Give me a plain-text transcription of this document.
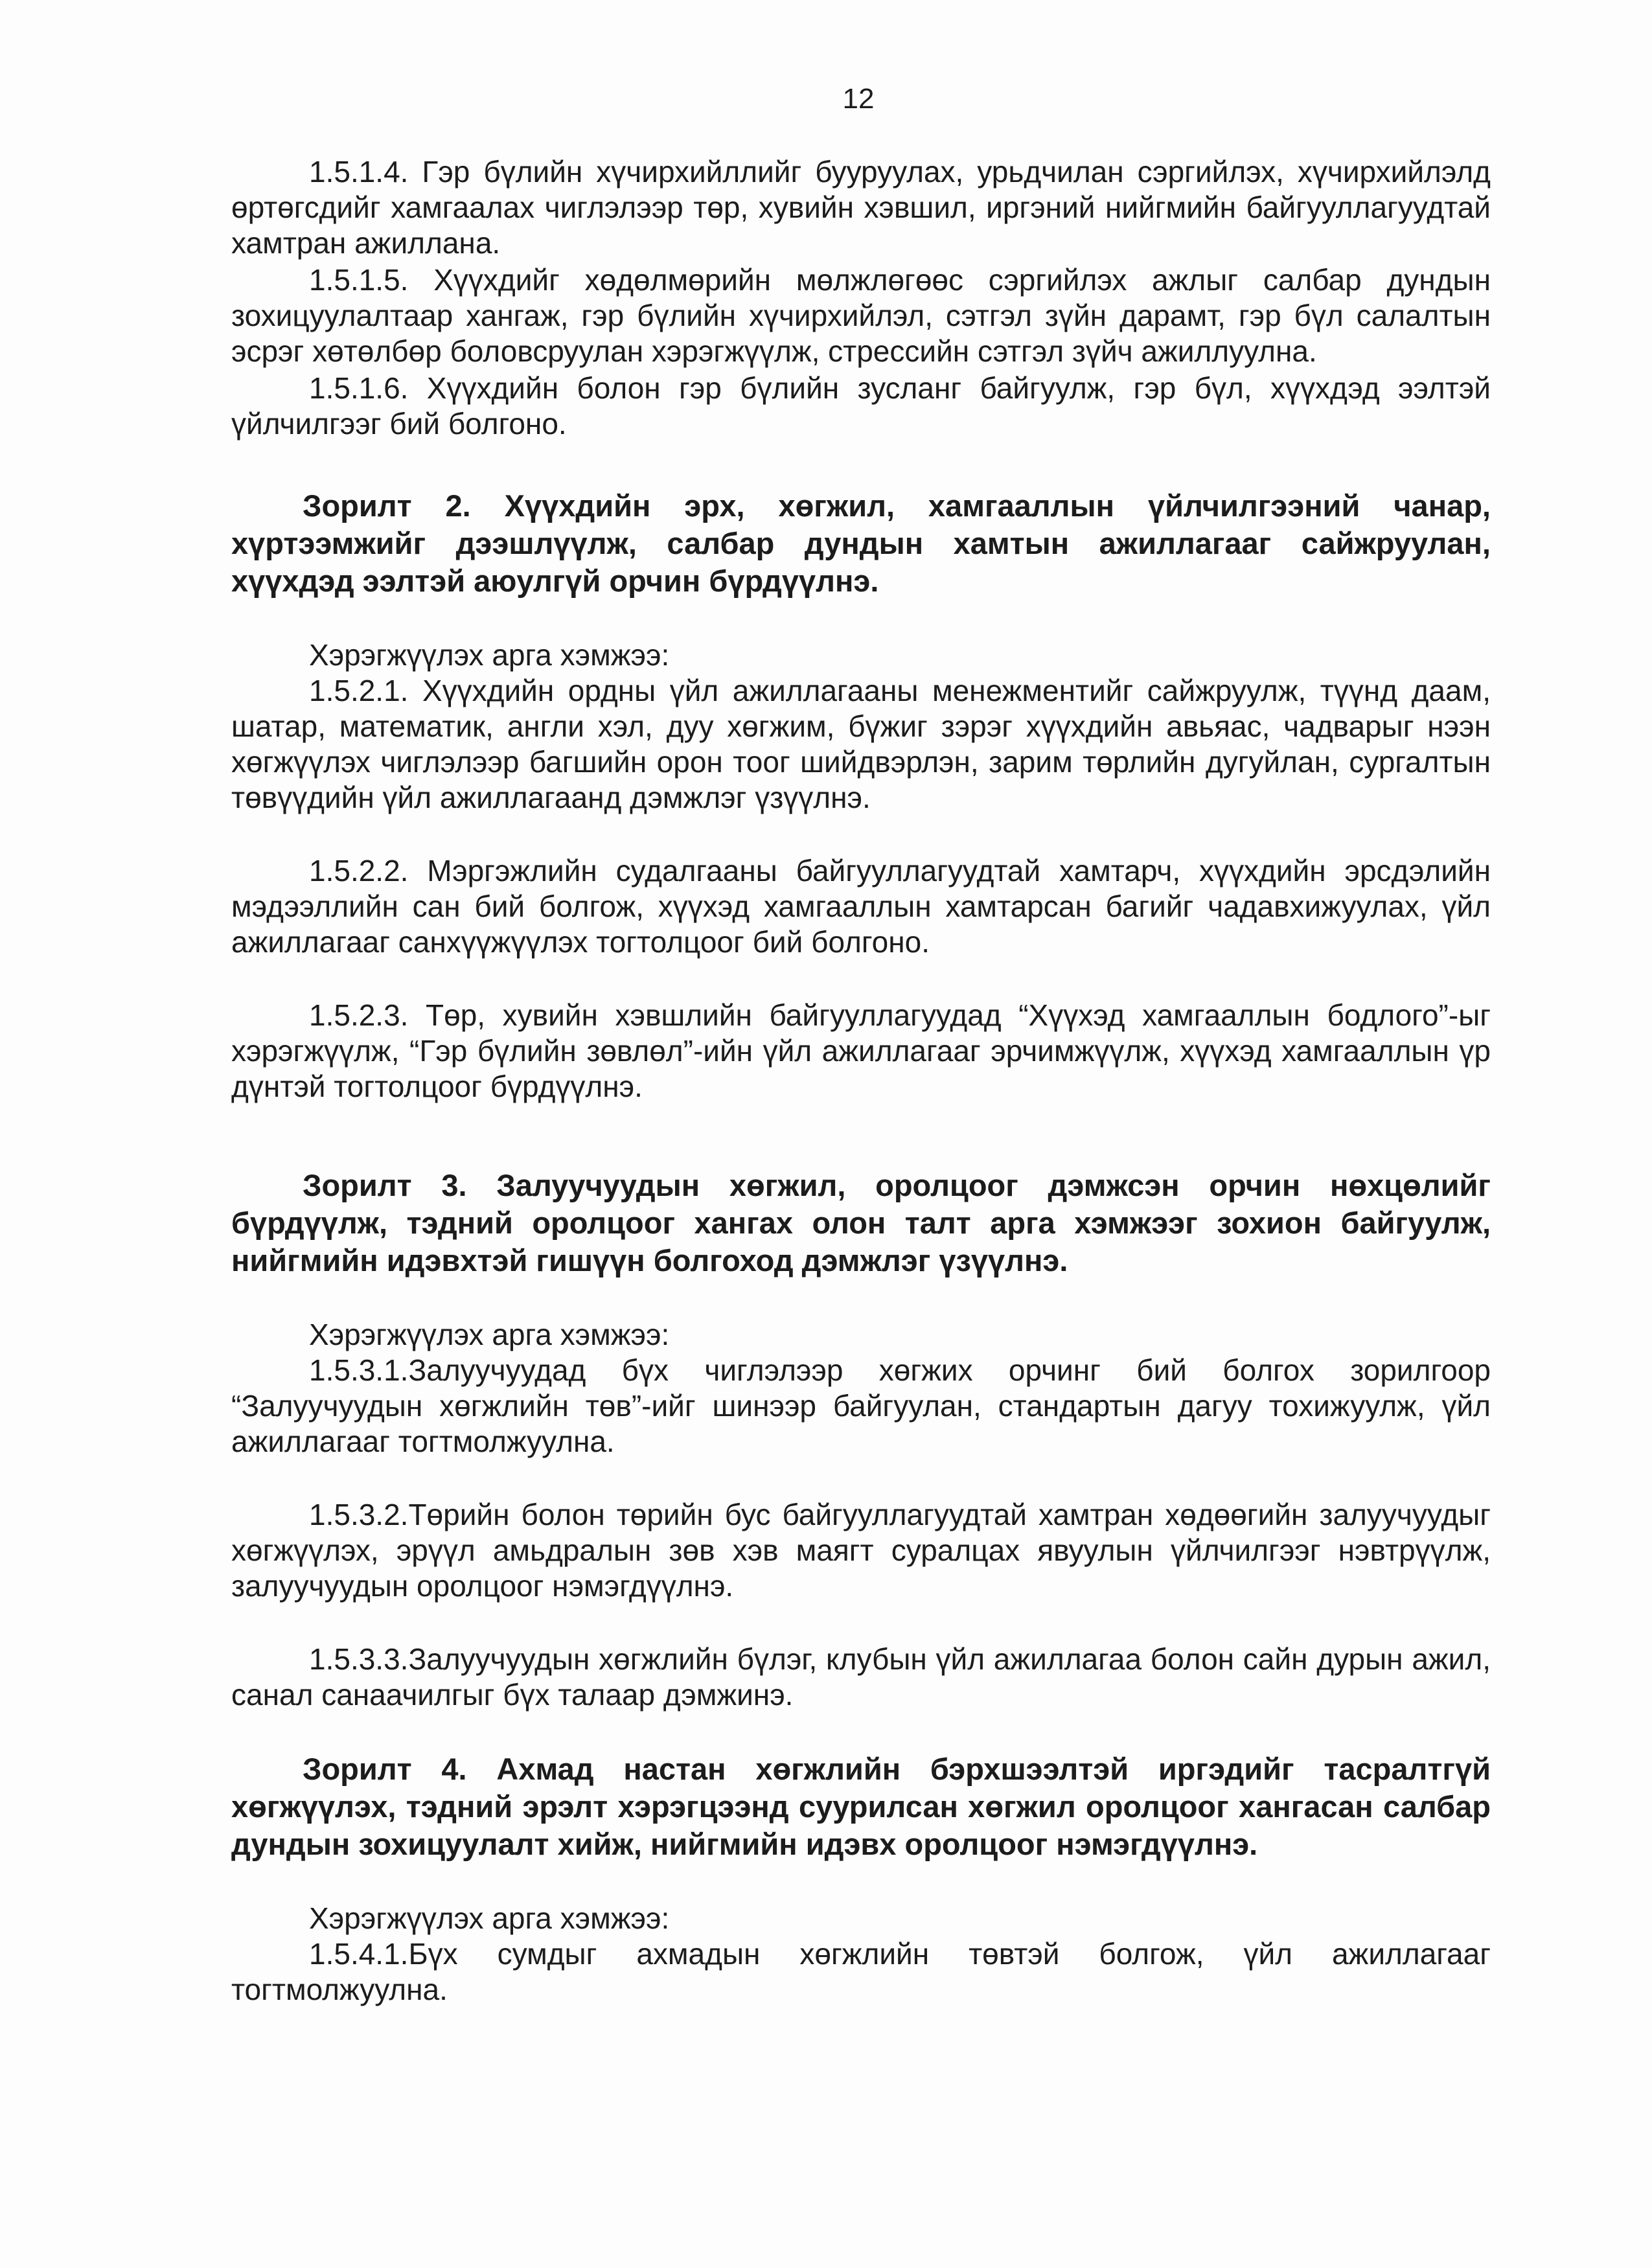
12

1.5.1.4. Гэр бүлийн хүчирхийллийг бууруулах, урьдчилан сэргийлэх, хүчирхийлэлд өртөгсдийг хамгаалах чиглэлээр төр, хувийн хэвшил, иргэний нийгмийн байгууллагуудтай хамтран ажиллана.

1.5.1.5. Хүүхдийг хөдөлмөрийн мөлжлөгөөс сэргийлэх ажлыг салбар дундын зохицуулалтаар хангаж, гэр бүлийн хүчирхийлэл, сэтгэл зүйн дарамт, гэр бүл салалтын эсрэг хөтөлбөр боловсруулан хэрэгжүүлж, стрессийн сэтгэл зүйч ажиллуулна.

1.5.1.6. Хүүхдийн болон гэр бүлийн зусланг байгуулж, гэр бүл, хүүхдэд ээлтэй үйлчилгээг бий болгоно.

Зорилт 2. Хүүхдийн эрх, хөгжил, хамгааллын үйлчилгээний чанар, хүртээмжийг дээшлүүлж, салбар дундын хамтын ажиллагааг сайжруулан, хүүхдэд ээлтэй аюулгүй орчин бүрдүүлнэ.

Хэрэгжүүлэх арга хэмжээ:

1.5.2.1. Хүүхдийн ордны үйл ажиллагааны менежментийг сайжруулж, түүнд даам, шатар, математик, англи хэл, дуу хөгжим, бүжиг зэрэг хүүхдийн авьяас, чадварыг нээн хөгжүүлэх чиглэлээр багшийн орон тоог шийдвэрлэн, зарим төрлийн дугуйлан, сургалтын төвүүдийн үйл ажиллагаанд дэмжлэг үзүүлнэ.

1.5.2.2. Мэргэжлийн судалгааны байгууллагуудтай хамтарч, хүүхдийн эрсдэлийн мэдээллийн сан бий болгож, хүүхэд хамгааллын хамтарсан багийг чадавхижуулах, үйл ажиллагааг санхүүжүүлэх тогтолцоог бий болгоно.

1.5.2.3. Төр, хувийн хэвшлийн байгууллагуудад “Хүүхэд хамгааллын бодлого”-ыг хэрэгжүүлж, “Гэр бүлийн зөвлөл”-ийн үйл ажиллагааг эрчимжүүлж, хүүхэд хамгааллын үр дүнтэй тогтолцоог бүрдүүлнэ.

Зорилт 3. Залуучуудын хөгжил, оролцоог дэмжсэн орчин нөхцөлийг бүрдүүлж, тэдний оролцоог хангах олон талт арга хэмжээг зохион байгуулж, нийгмийн идэвхтэй гишүүн болгоход дэмжлэг үзүүлнэ.

Хэрэгжүүлэх арга хэмжээ:

1.5.3.1.Залуучуудад бүх чиглэлээр хөгжих орчинг бий болгох зорилгоор “Залуучуудын хөгжлийн төв”-ийг шинээр байгуулан, стандартын дагуу тохижуулж, үйл ажиллагааг тогтмолжуулна.

1.5.3.2.Төрийн болон төрийн бус байгууллагуудтай хамтран хөдөөгийн залуучуудыг хөгжүүлэх, эрүүл амьдралын зөв хэв маягт суралцах явуулын үйлчилгээг нэвтрүүлж, залуучуудын оролцоог нэмэгдүүлнэ.

1.5.3.3.Залуучуудын хөгжлийн бүлэг, клубын үйл ажиллагаа болон сайн дурын ажил, санал санаачилгыг бүх талаар дэмжинэ.

Зорилт 4. Ахмад настан хөгжлийн бэрхшээлтэй иргэдийг тасралтгүй хөгжүүлэх, тэдний эрэлт хэрэгцээнд суурилсан хөгжил оролцоог хангасан салбар дундын зохицуулалт хийж, нийгмийн идэвх оролцоог нэмэгдүүлнэ.

Хэрэгжүүлэх арга хэмжээ:

1.5.4.1.Бүх сумдыг ахмадын хөгжлийн төвтэй болгож, үйл ажиллагааг тогтмолжуулна.
